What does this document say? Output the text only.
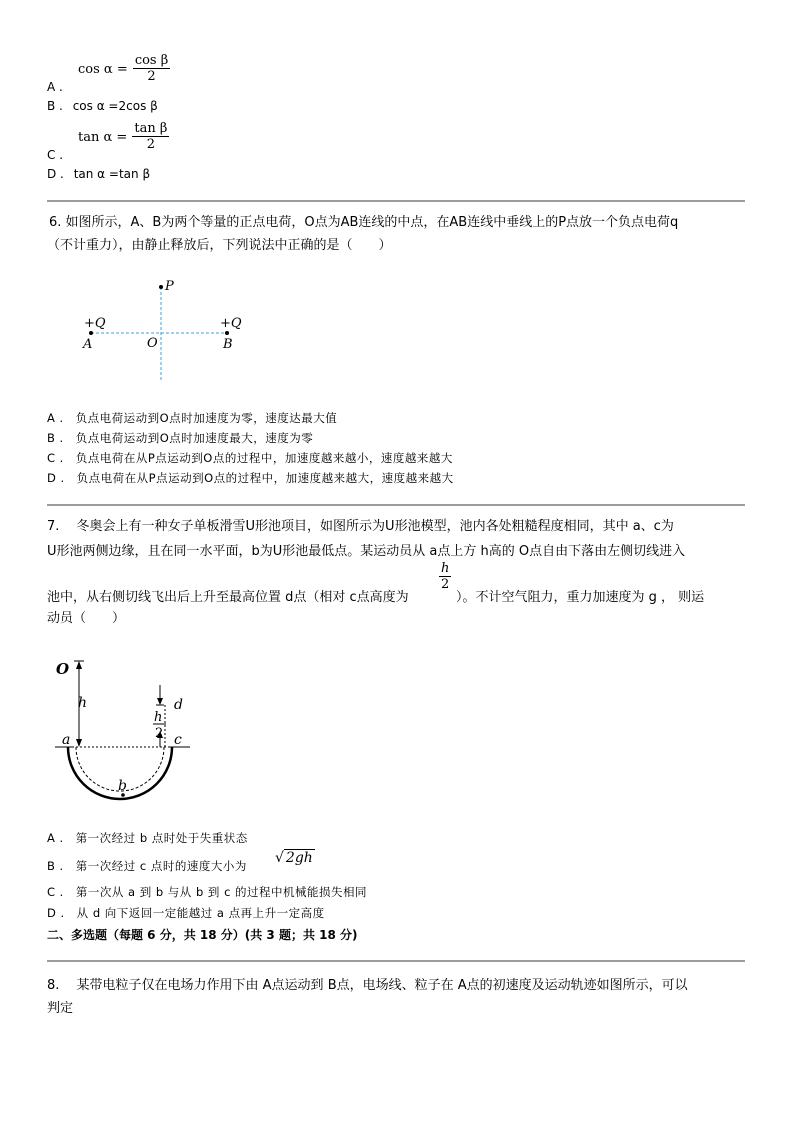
$\cos \alpha = \frac{\text{cos β}}{2}$
A .
B . cos α =2cos β
$\tan \alpha = \frac{\text{tan β}}{2}$
C .
D . tan α =tan β
6. 如图所示，A、B为两个等量的正点电荷，O点为AB连线的中点，在AB连线中垂线上的P点放一个负点电荷q
（不计重力），由静止释放后，下列说法中正确的是（　　）
P
+Q	+Q
A	O	B
A .　 负点电荷运动到O点时加速度为零，速度达最大值
B .　 负点电荷运动到O点时加速度最大，速度为零
C .　 负点电荷在从P点运动到O点的过程中，加速度越来越小，速度越来越大
D .　 负点电荷在从P点运动到O点的过程中，加速度越来越大，速度越来越大
7.　 冬奥会上有一种女子单板滑雪U形池项目，如图所示为U形池模型，池内各处粗糙程度相同，其中 a、c为
U形池两侧边缘，且在同一水平面，b为U形池最低点。某运动员从 a点上方 h高的 O点自由下落由左侧切线进入
池中，从右侧切线飞出后上升至最高位置 d点（相对 c点高度为
$\frac{h}{2}$
）。不计空气阻力，重力加速度为 g ， 则运
动员（　　）
O
h	d
h
2
a	c
b
A .　 第一次经过 b 点时处于失重状态
B .　 第一次经过 c 点时的速度大小为 √ 2gh
C .　 第一次从 a 到 b 与从 b 到 c 的过程中机械能损失相同
D .　 从 d 向下返回一定能越过 a 点再上升一定高度
二、多选题（每题 6 分，共 18 分）(共 3 题；共 18 分)
8.　 某带电粒子仅在电场力作用下由 A点运动到 B点，电场线、粒子在 A点的初速度及运动轨迹如图所示，可以
判定
